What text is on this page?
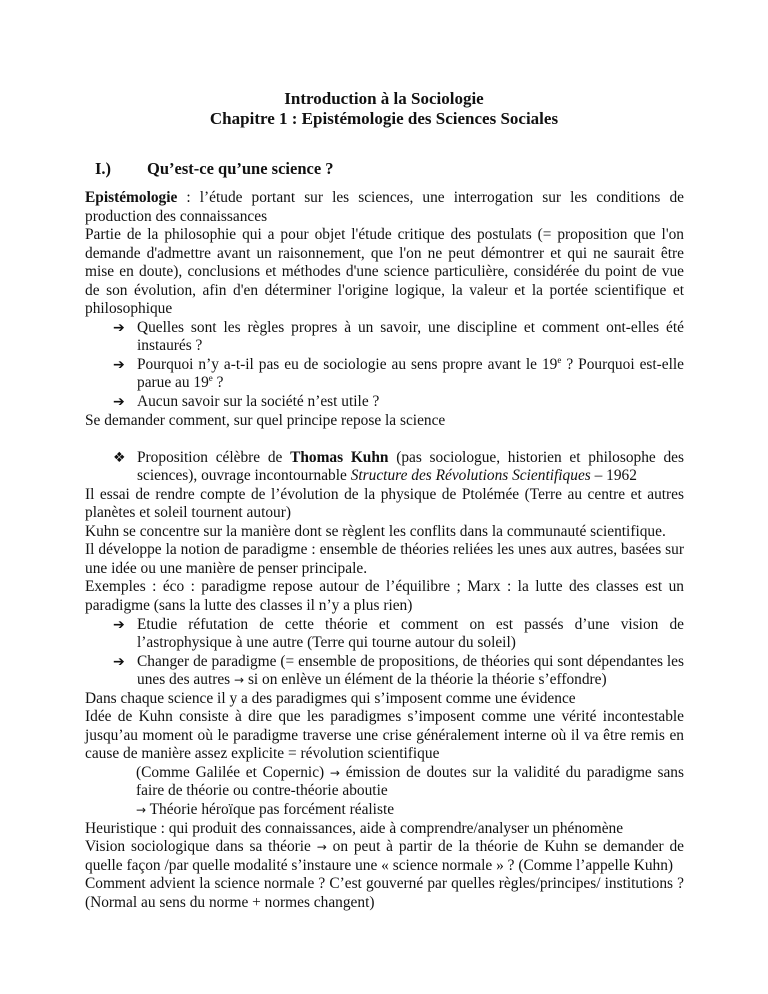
Introduction à la Sociologie
Chapitre 1 : Epistémologie des Sciences Sociales
I.) Qu’est-ce qu’une science ?

Epistémologie : l’étude portant sur les sciences, une interrogation sur les conditions de production des connaissances

Partie de la philosophie qui a pour objet l'étude critique des postulats (= proposition que l'on demande d'admettre avant un raisonnement, que l'on ne peut démontrer et qui ne saurait être mise en doute), conclusions et méthodes d'une science particulière, considérée du point de vue de son évolution, afin d'en déterminer l'origine logique, la valeur et la portée scientifique et philosophique

➔ Quelles sont les règles propres à un savoir, une discipline et comment ont-elles été instaurés ?
➔ Pourquoi n’y a-t-il pas eu de sociologie au sens propre avant le 19e ? Pourquoi est-elle parue au 19e ?
➔ Aucun savoir sur la société n’est utile ?

Se demander comment, sur quel principe repose la science

❖ Proposition célèbre de Thomas Kuhn (pas sociologue, historien et philosophe des sciences), ouvrage incontournable Structure des Révolutions Scientifiques – 1962

Il essai de rendre compte de l’évolution de la physique de Ptolémée (Terre au centre et autres planètes et soleil tournent autour)

Kuhn se concentre sur la manière dont se règlent les conflits dans la communauté scientifique.

Il développe la notion de paradigme : ensemble de théories reliées les unes aux autres, basées sur une idée ou une manière de penser principale.

Exemples : éco : paradigme repose autour de l’équilibre ; Marx : la lutte des classes est un paradigme (sans la lutte des classes il n’y a plus rien)

➔ Etudie réfutation de cette théorie et comment on est passés d’une vision de l’astrophysique à une autre (Terre qui tourne autour du soleil)
➔ Changer de paradigme (= ensemble de propositions, de théories qui sont dépendantes les unes des autres → si on enlève un élément de la théorie la théorie s’effondre)

Dans chaque science il y a des paradigmes qui s’imposent comme une évidence

Idée de Kuhn consiste à dire que les paradigmes s’imposent comme une vérité incontestable jusqu’au moment où le paradigme traverse une crise généralement interne où il va être remis en cause de manière assez explicite = révolution scientifique

(Comme Galilée et Copernic) → émission de doutes sur la validité du paradigme sans faire de théorie ou contre-théorie aboutie

→ Théorie héroïque pas forcément réaliste

Heuristique : qui produit des connaissances, aide à comprendre/analyser un phénomène

Vision sociologique dans sa théorie → on peut à partir de la théorie de Kuhn se demander de quelle façon /par quelle modalité s’instaure une « science normale » ? (Comme l’appelle Kuhn)

Comment advient la science normale ? C’est gouverné par quelles règles/principes/ institutions ? (Normal au sens du norme + normes changent)
